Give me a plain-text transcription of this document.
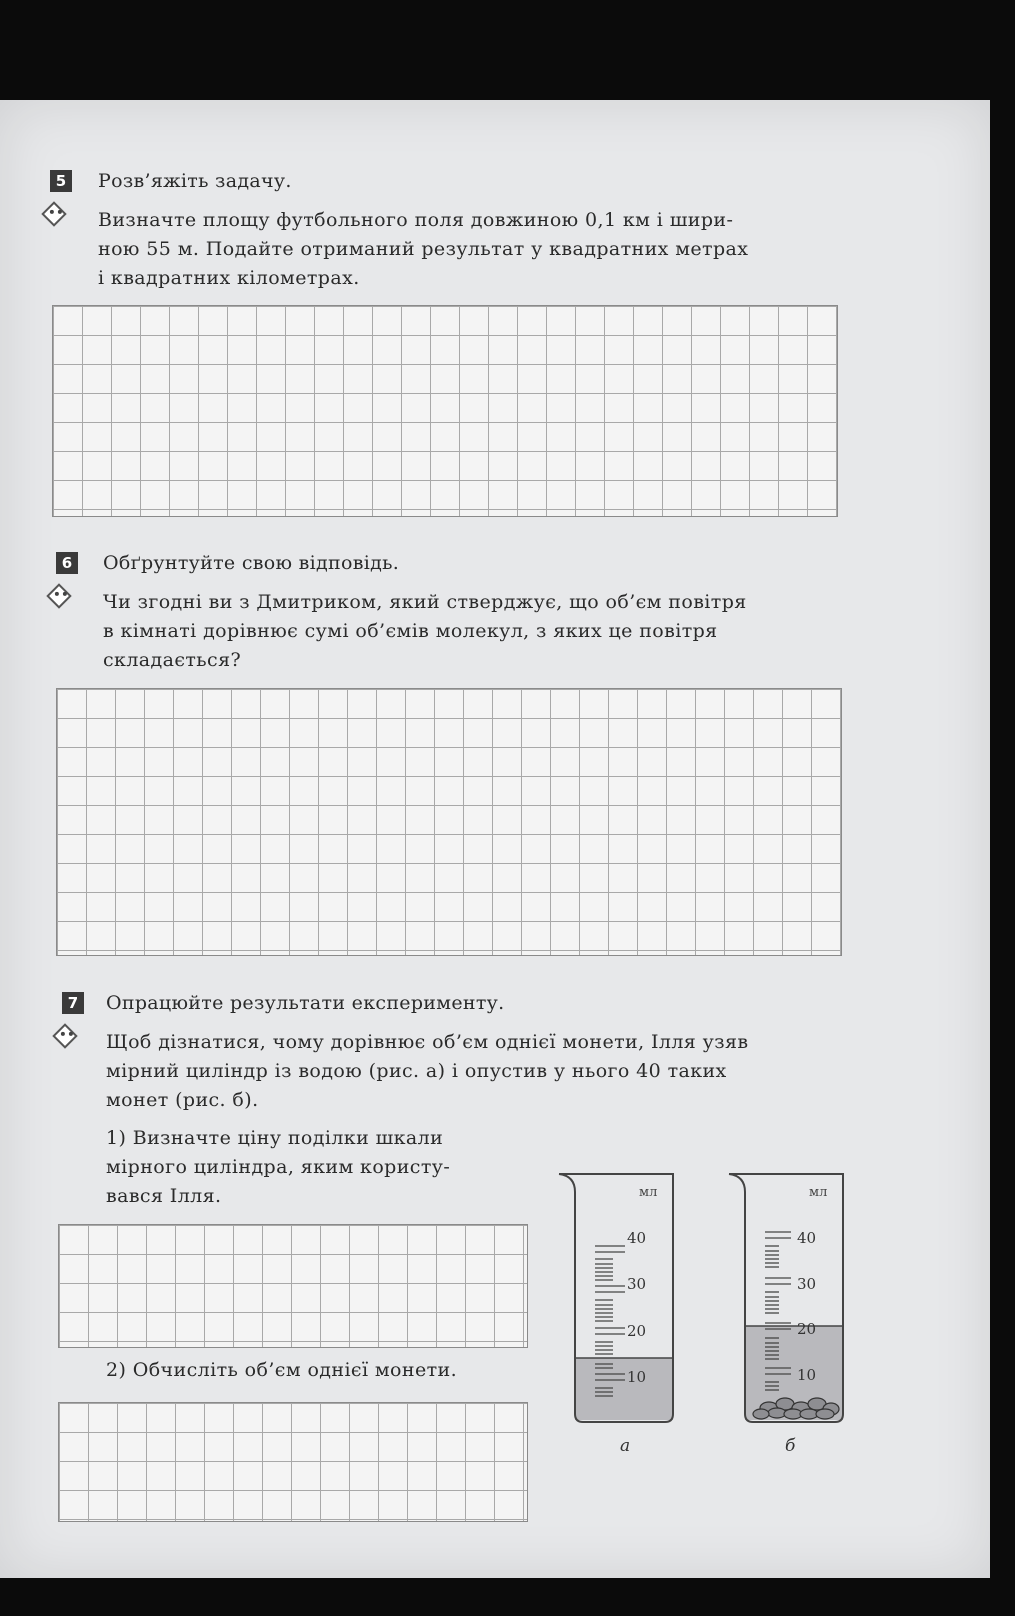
5	Розв’яжіть задачу.

Визначте площу футбольного поля довжиною 0,1 км і шири-

ною 55 м. Подайте отриманий результат у квадратних метрах

і квадратних кілометрах.

6	Обґрунтуйте свою відповідь.

Чи згодні ви з Дмитриком, який стверджує, що об’єм повітря

в кімнаті дорівнює сумі об’ємів молекул, з яких це повітря

складається?

7	Опрацюйте результати експерименту.

Щоб дізнатися, чому дорівнює об’єм однієї монети, Ілля узяв

мірний циліндр із водою (рис. а) і опустив у нього 40 таких

монет (рис. б).

1) Визначте ціну поділки шкали

мірного циліндра, яким користу-

вався Ілля.

2) Обчисліть об’єм однієї монети.

мл
40
30
20
10
а
мл
40
30
20
10
б
